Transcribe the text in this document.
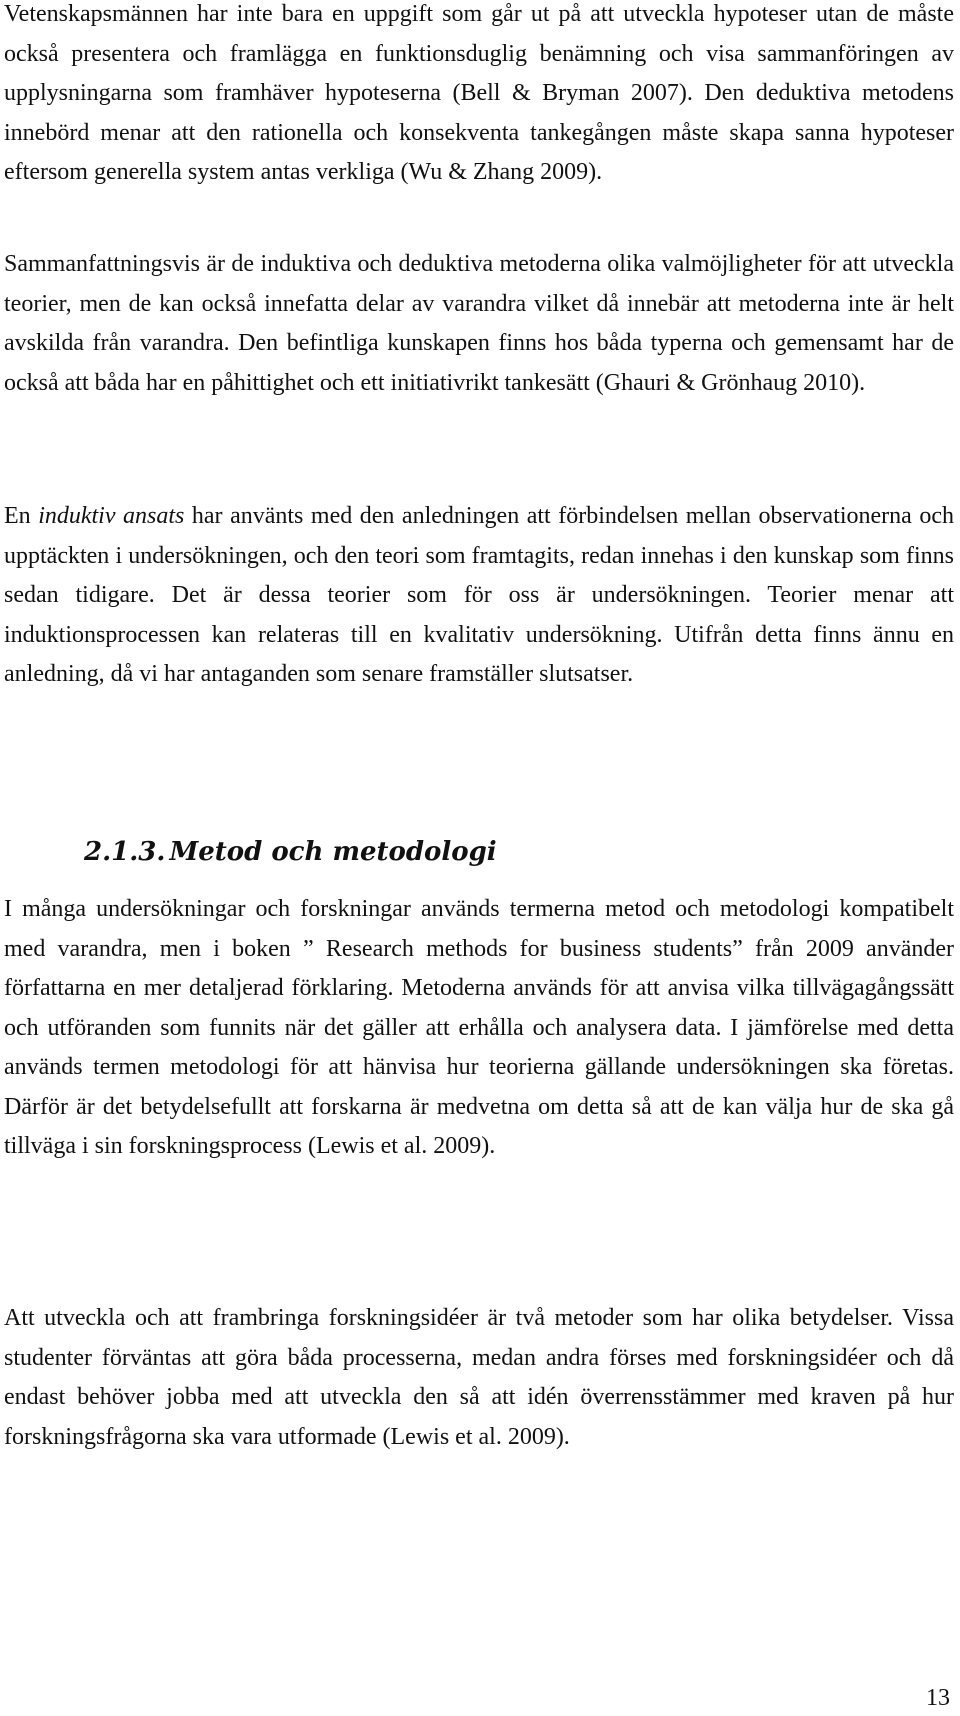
Vetenskapsmännen har inte bara en uppgift som går ut på att utveckla hypoteser utan de måste också presentera och framlägga en funktionsduglig benämning och visa sammanföringen av upplysningarna som framhäver hypoteserna (Bell & Bryman 2007). Den deduktiva metodens innebörd menar att den rationella och konsekventa tankegången måste skapa sanna hypoteser eftersom generella system antas verkliga (Wu & Zhang 2009).

Sammanfattningsvis är de induktiva och deduktiva metoderna olika valmöjligheter för att utveckla teorier, men de kan också innefatta delar av varandra vilket då innebär att metoderna inte är helt avskilda från varandra. Den befintliga kunskapen finns hos båda typerna och gemensamt har de också att båda har en påhittighet och ett initiativrikt tankesätt (Ghauri & Grönhaug 2010).

En induktiv ansats har använts med den anledningen att förbindelsen mellan observationerna och upptäckten i undersökningen, och den teori som framtagits, redan innehas i den kunskap som finns sedan tidigare. Det är dessa teorier som för oss är undersökningen. Teorier menar att induktionsprocessen kan relateras till en kvalitativ undersökning. Utifrån detta finns ännu en anledning, då vi har antaganden som senare framställer slutsatser.

2.1.3. Metod och metodologi

I många undersökningar och forskningar används termerna metod och metodologi kompatibelt med varandra, men i boken ” Research methods for business students” från 2009 använder författarna en mer detaljerad förklaring. Metoderna används för att anvisa vilka tillvägagångssätt och utföranden som funnits när det gäller att erhålla och analysera data. I jämförelse med detta används termen metodologi för att hänvisa hur teorierna gällande undersökningen ska företas. Därför är det betydelsefullt att forskarna är medvetna om detta så att de kan välja hur de ska gå tillväga i sin forskningsprocess (Lewis et al. 2009).

Att utveckla och att frambringa forskningsidéer är två metoder som har olika betydelser. Vissa studenter förväntas att göra båda processerna, medan andra förses med forskningsidéer och då endast behöver jobba med att utveckla den så att idén överrensstämmer med kraven på hur forskningsfrågorna ska vara utformade (Lewis et al. 2009).

13
